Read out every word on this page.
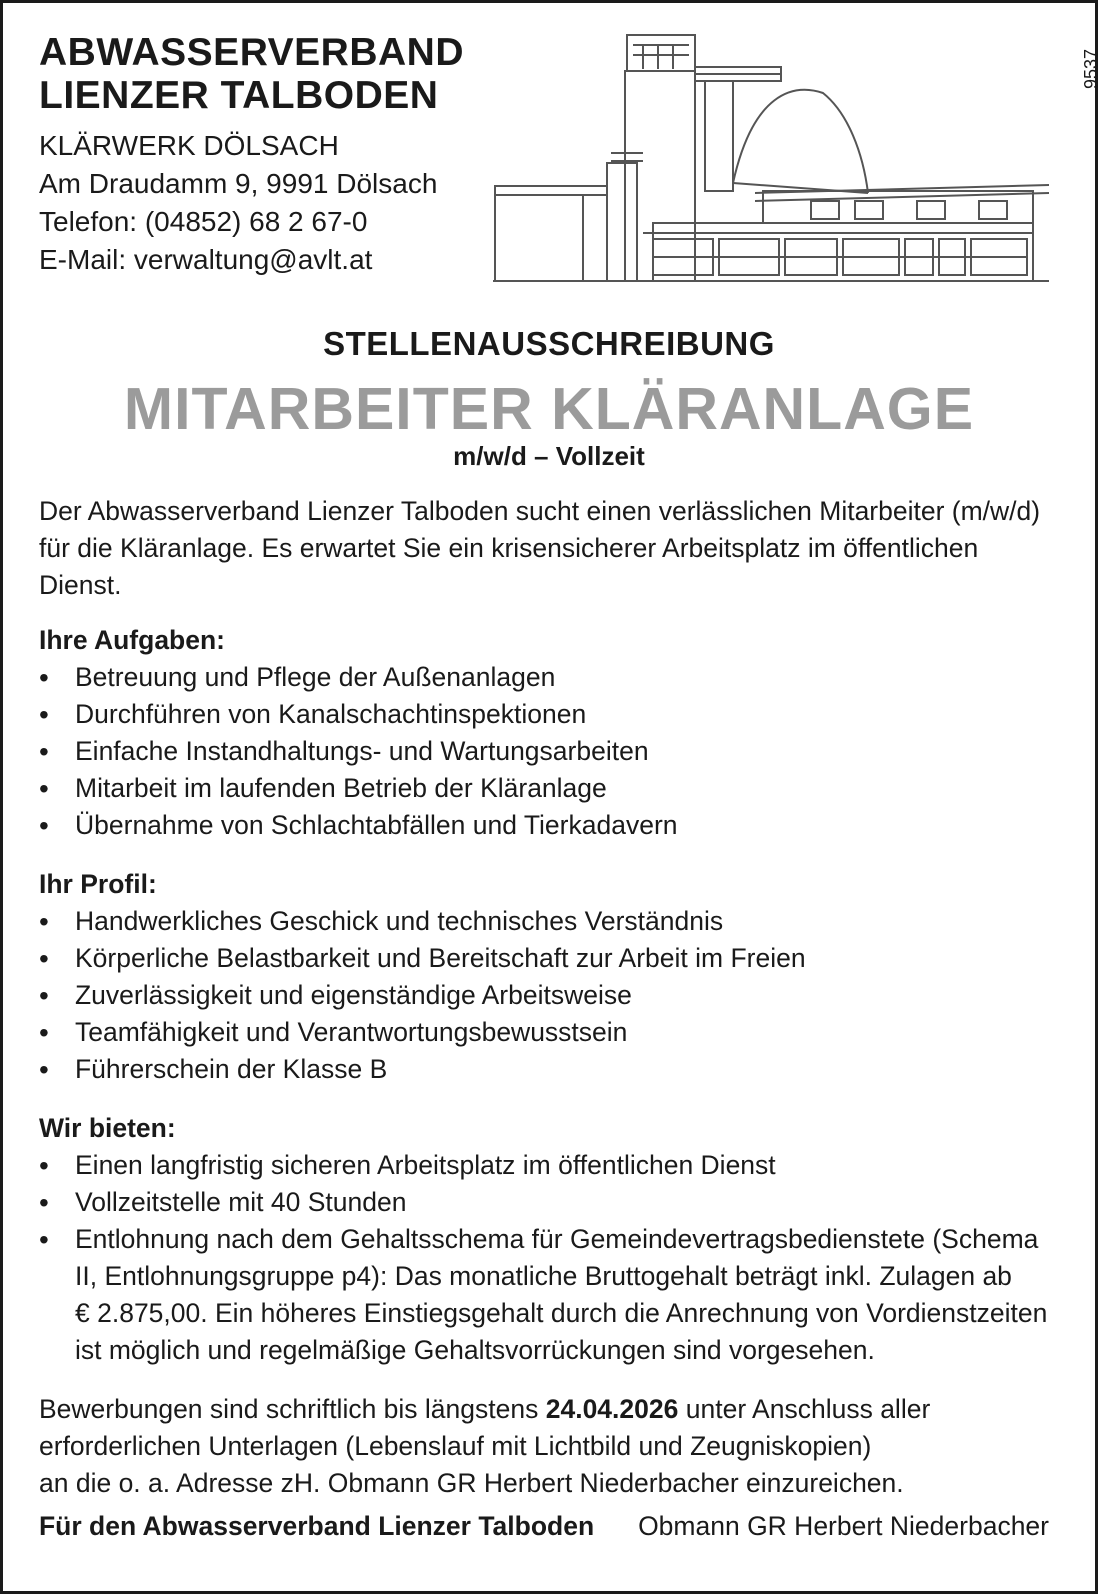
9537
ABWASSERVERBAND
LIENZER TALBODEN
KLÄRWERK DÖLSACH
Am Draudamm 9, 9991 Dölsach
Telefon: (04852) 68 2 67-0
E-Mail: verwaltung@avlt.at
STELLENAUSSCHREIBUNG
MITARBEITER KLÄRANLAGE
m/w/d – Vollzeit

Der Abwasserverband Lienzer Talboden sucht einen verlässlichen Mitarbeiter (m/w/d)
für die Kläranlage. Es erwartet Sie ein krisensicherer Arbeitsplatz im öffentlichen Dienst.

Ihre Aufgaben:

• Betreuung und Pflege der Außenanlagen
• Durchführen von Kanalschachtinspektionen
• Einfache Instandhaltungs- und Wartungsarbeiten
• Mitarbeit im laufenden Betrieb der Kläranlage
• Übernahme von Schlachtabfällen und Tierkadavern

Ihr Profil:

• Handwerkliches Geschick und technisches Verständnis
• Körperliche Belastbarkeit und Bereitschaft zur Arbeit im Freien
• Zuverlässigkeit und eigenständige Arbeitsweise
• Teamfähigkeit und Verantwortungsbewusstsein
• Führerschein der Klasse B

Wir bieten:

• Einen langfristig sicheren Arbeitsplatz im öffentlichen Dienst
• Vollzeitstelle mit 40 Stunden
• Entlohnung nach dem Gehaltsschema für Gemeindevertragsbedienstete (Schema
II, Entlohnungsgruppe p4): Das monatliche Bruttogehalt beträgt inkl. Zulagen ab
€ 2.875,00. Ein höheres Einstiegsgehalt durch die Anrechnung von Vordienstzeiten
ist möglich und regelmäßige Gehaltsvorrückungen sind vorgesehen.

Bewerbungen sind schriftlich bis längstens 24.04.2026 unter Anschluss aller
erforderlichen Unterlagen (Lebenslauf mit Lichtbild und Zeugniskopien)
an die o. a. Adresse zH. Obmann GR Herbert Niederbacher einzureichen.

Für den Abwasserverband Lienzer Talboden Obmann GR Herbert Niederbacher
